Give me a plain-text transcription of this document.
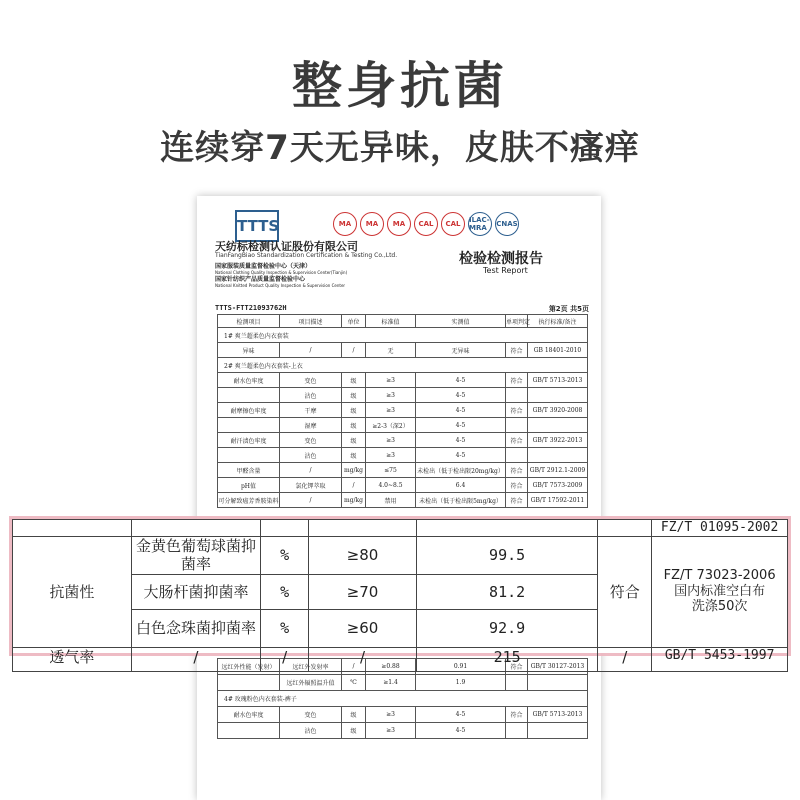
整身抗菌
连续穿7天无异味，皮肤不瘙痒
TTTS	MA	MA	MA	CAL	CAL	ILAC-MRA	CNAS
天纺标检测认证股份有限公司
TianFangBiao Standardization Certification & Testing Co.,Ltd.
国家服装质量监督检验中心（天津）
National Clothing Quality Inspection & Supervision Center(Tianjin)
国家针纺织产品质量监督检验中心
National Knitted Product Quality Inspection & Supervision Center
检验检测报告
Test Report
TTTS-FTT21093762H	第2页 共5页
检测项目	项目描述	单位	标准值	实测值	单项判定	执行标准/备注
1# 爽兰超柔色内衣套装						
异味	/	/	无	无异味	符合	GB 18401-2010
2# 爽兰超柔色内衣套装-上衣						
耐水色牢度	变色	级	≥3	4-5	符合	GB/T 5713-2013
	沾色	级	≥3	4-5		
耐摩擦色牢度	干摩	级	≥3	4-5	符合	GB/T 3920-2008
	湿摩	级	≥2-3（深2）	4-5		
耐汗渍色牢度	变色	级	≥3	4-5	符合	GB/T 3922-2013
	沾色	级	≥3	4-5		
甲醛含量	/	mg/kg	≤75	未检出（低于检出限20mg/kg）	符合	GB/T 2912.1-2009
pH值	氯化钾萃取	/	4.0~8.5	6.4	符合	GB/T 7573-2009
可分解致癌芳香胺染料	/	mg/kg	禁用	未检出（低于检出限5mg/kg）	符合	GB/T 17592-2011
远红外性能（发射）	远红外发射率	/	≥0.88	0.91	符合	GB/T 30127-2013
	远红外辐照温升值	℃	≥1.4	1.9		
4# 玫瑰粉色内衣套装-裤子						
耐水色牢度	变色	级	≥3	4-5	符合	GB/T 5713-2013
	沾色	级	≥3	4-5		
						FZ/T 01095-2002
抗菌性	金黄色葡萄球菌抑菌率	%	≥80	99.5	符合	FZ/T 73023-2006
国内标准空白布
洗涤50次
	大肠杆菌抑菌率	%	≥70	81.2		
	白色念珠菌抑菌率	%	≥60	92.9		
透气率	/	/	/	215	/	GB/T 5453-1997
